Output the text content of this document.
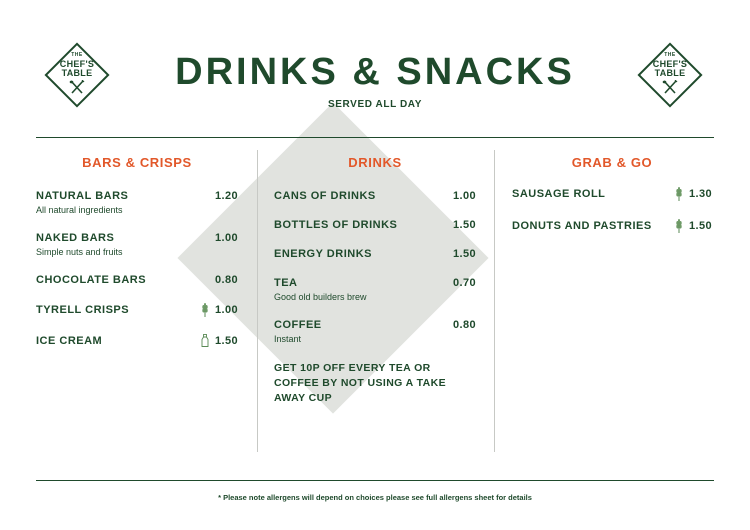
THE
CHEF'S
TABLE
THE
CHEF'S
TABLE
DRINKS & SNACKS
SERVED ALL DAY
BARS & CRISPS
NATURAL BARS	1.20
All natural ingredients
NAKED BARS	1.00
Simple nuts and fruits
CHOCOLATE BARS	0.80
TYRELL CRISPS	1.00
ICE CREAM	1.50
DRINKS
CANS OF DRINKS	1.00
BOTTLES OF DRINKS	1.50
ENERGY DRINKS	1.50
TEA	0.70
Good old builders brew
COFFEE	0.80
Instant
GET 10P OFF EVERY TEA OR COFFEE BY NOT USING A TAKE AWAY CUP
GRAB & GO
SAUSAGE ROLL	1.30
DONUTS AND PASTRIES	1.50
* Please note allergens will depend on choices please see full allergens sheet for details
